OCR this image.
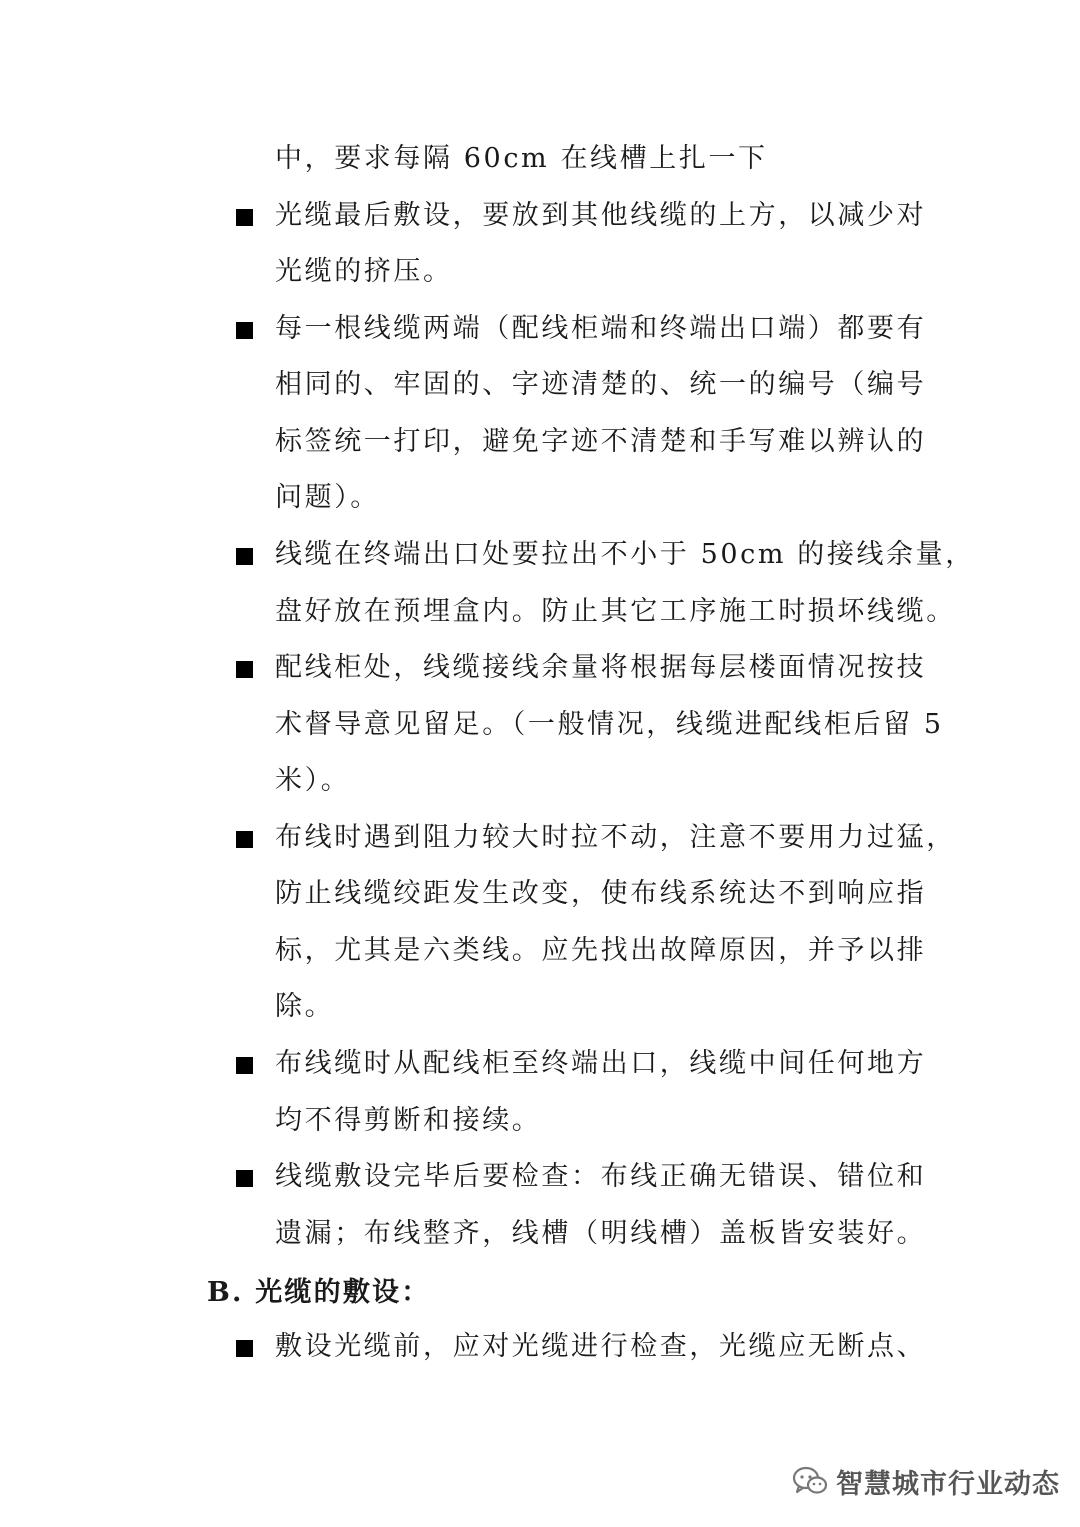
中，要求每隔 60cm 在线槽上扎一下
光缆最后敷设，要放到其他线缆的上方，以减少对
光缆的挤压。
每一根线缆两端（配线柜端和终端出口端）都要有
相同的、牢固的、字迹清楚的、统一的编号（编号
标签统一打印，避免字迹不清楚和手写难以辨认的
问题）。
线缆在终端出口处要拉出不小于 50cm 的接线余量，
盘好放在预埋盒内。防止其它工序施工时损坏线缆。
配线柜处，线缆接线余量将根据每层楼面情况按技
术督导意见留足。（一般情况，线缆进配线柜后留 5
米）。
布线时遇到阻力较大时拉不动，注意不要用力过猛，
防止线缆绞距发生改变，使布线系统达不到响应指
标，尤其是六类线。应先找出故障原因，并予以排
除。
布线缆时从配线柜至终端出口，线缆中间任何地方
均不得剪断和接续。
线缆敷设完毕后要检查：布线正确无错误、错位和
遗漏；布线整齐，线槽（明线槽）盖板皆安装好。
B. 光缆的敷设：
敷设光缆前，应对光缆进行检查，光缆应无断点、
智慧城市行业动态
